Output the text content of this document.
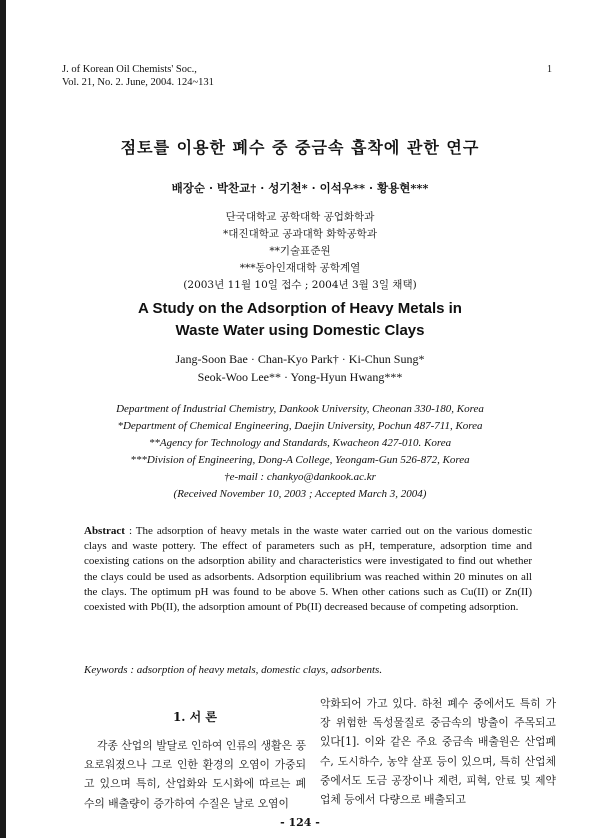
J. of Korean Oil Chemists' Soc.,
Vol. 21, No. 2. June, 2004. 124~131
1
점토를 이용한 폐수 중 중금속 흡착에 관한 연구
배장순 · 박찬교† · 성기천* · 이석우** · 황용현***
단국대학교 공학대학 공업화학과
*대진대학교 공과대학 화학공학과
**기술표준원
***동아인재대학 공학계열
(2003년 11월 10일 접수 ; 2004년 3월 3일 채택)
A Study on the Adsorption of Heavy Metals in
Waste Water using Domestic Clays
Jang-Soon Bae · Chan-Kyo Park† · Ki-Chun Sung*
Seok-Woo Lee** · Yong-Hyun Hwang***
Department of Industrial Chemistry, Dankook University, Cheonan 330-180, Korea
*Department of Chemical Engineering, Daejin University, Pochun 487-711, Korea
**Agency for Technology and Standards, Kwacheon 427-010. Korea
***Division of Engineering, Dong-A College, Yeongam-Gun 526-872, Korea
†e-mail : chankyo@dankook.ac.kr
(Received November 10, 2003 ; Accepted March 3, 2004)
Abstract : The adsorption of heavy metals in the waste water carried out on the various domestic clays and waste pottery. The effect of parameters such as pH, temperature, adsorption time and coexisting cations on the adsorption ability and characteristics were investigated to find out whether the clays could be used as adsorbents. Adsorption equilibrium was reached within 20 minutes on all the clays. The optimum pH was found to be above 5. When other cations such as Cu(II) or Zn(II) coexisted with Pb(II), the adsorption amount of Pb(II) decreased because of competing adsorption.
Keywords : adsorption of heavy metals, domestic clays, adsorbents.
1. 서 론
각종 산업의 발달로 인하여 인류의 생활은 풍요로워졌으나 그로 인한 환경의 오염이 가중되고 있으며 특히, 산업화와 도시화에 따르는 폐수의 배출량이 증가하여 수질은 날로 오염이
악화되어 가고 있다. 하천 폐수 중에서도 특히 가장 위험한 독성물질로 중금속의 방출이 주목되고 있다[1]. 이와 같은 주요 중금속 배출원은 산업폐수, 도시하수, 농약 살포 등이 있으며, 특히 산업체 중에서도 도금 공장이나 제련, 피혁, 안료 및 제약 업체 등에서 다량으로 배출되고
- 124 -
